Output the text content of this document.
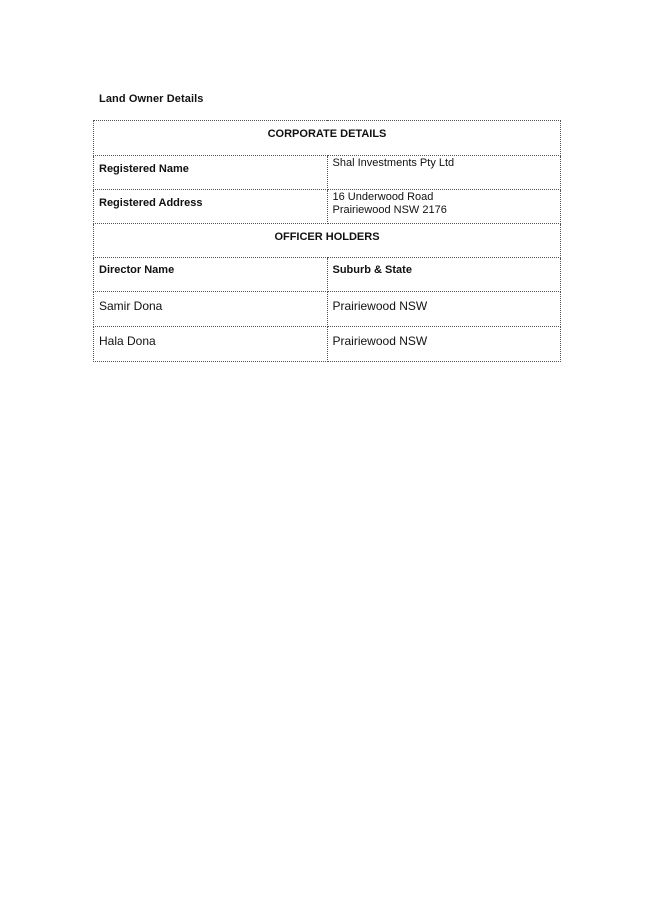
Land Owner Details
CORPORATE DETAILS	
Registered Name	Shal Investments Pty Ltd
Registered Address	16 Underwood Road
Prairiewood NSW 2176

OFFICER HOLDERS	
Director Name	Suburb & State
Samir Dona	Prairiewood NSW
Hala Dona	Prairiewood NSW
